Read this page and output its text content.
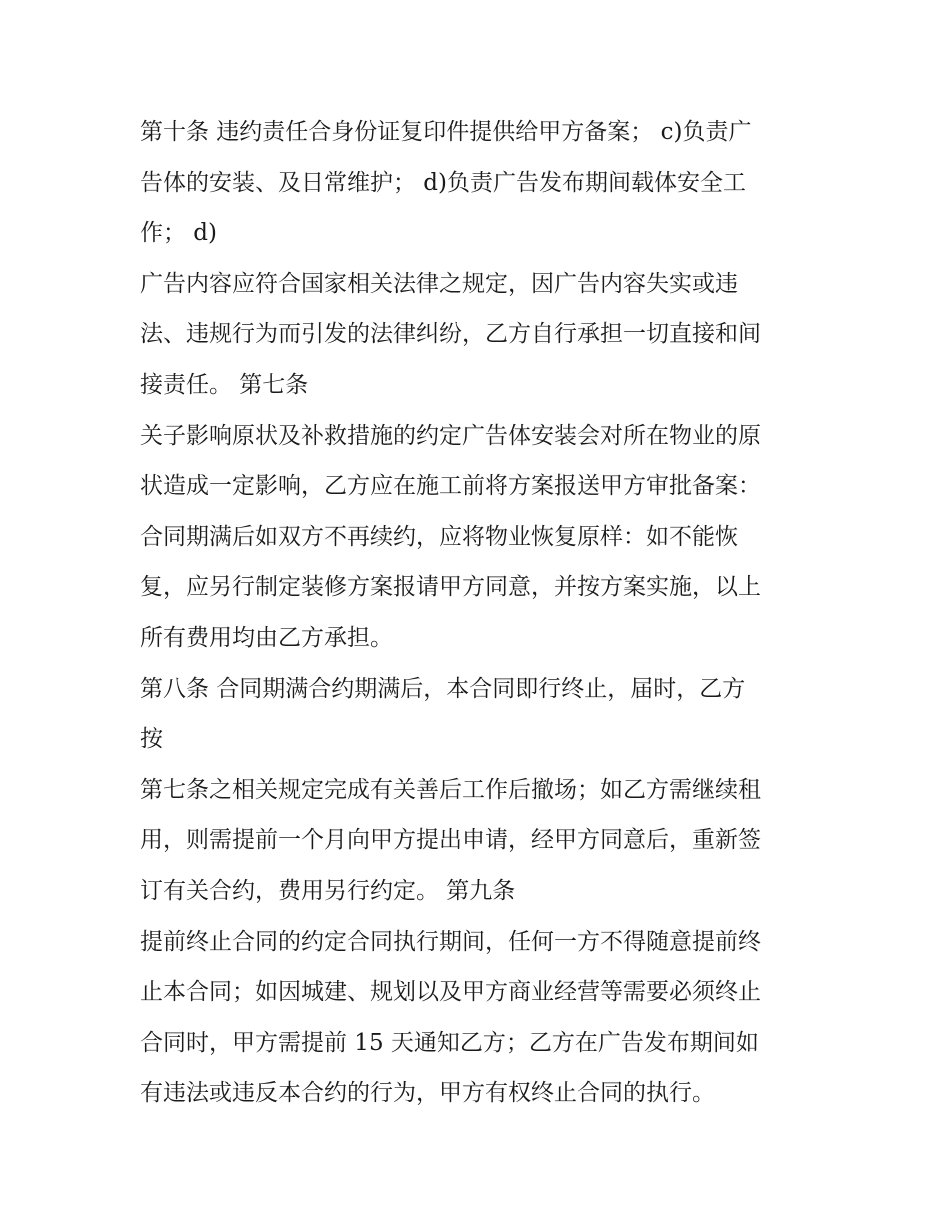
第十条 违约责任合身份证复印件提供给甲方备案； c)负责广
告体的安装、及日常维护； d)负责广告发布期间载体安全工
作； d)
广告内容应符合国家相关法律之规定，因广告内容失实或违
法、违规行为而引发的法律纠纷，乙方自行承担一切直接和间
接责任。 第七条
关子影响原状及补救措施的约定广告体安装会对所在物业的原
状造成一定影响，乙方应在施工前将方案报送甲方审批备案：
合同期满后如双方不再续约，应将物业恢复原样：如不能恢
复，应另行制定装修方案报请甲方同意，并按方案实施，以上
所有费用均由乙方承担。
第八条 合同期满合约期满后，本合同即行终止，届时，乙方
按
第七条之相关规定完成有关善后工作后撤场；如乙方需继续租
用，则需提前一个月向甲方提出申请，经甲方同意后，重新签
订有关合约，费用另行约定。 第九条
提前终止合同的约定合同执行期间，任何一方不得随意提前终
止本合同；如因城建、规划以及甲方商业经营等需要必须终止
合同时，甲方需提前 15 天通知乙方；乙方在广告发布期间如
有违法或违反本合约的行为，甲方有权终止合同的执行。
